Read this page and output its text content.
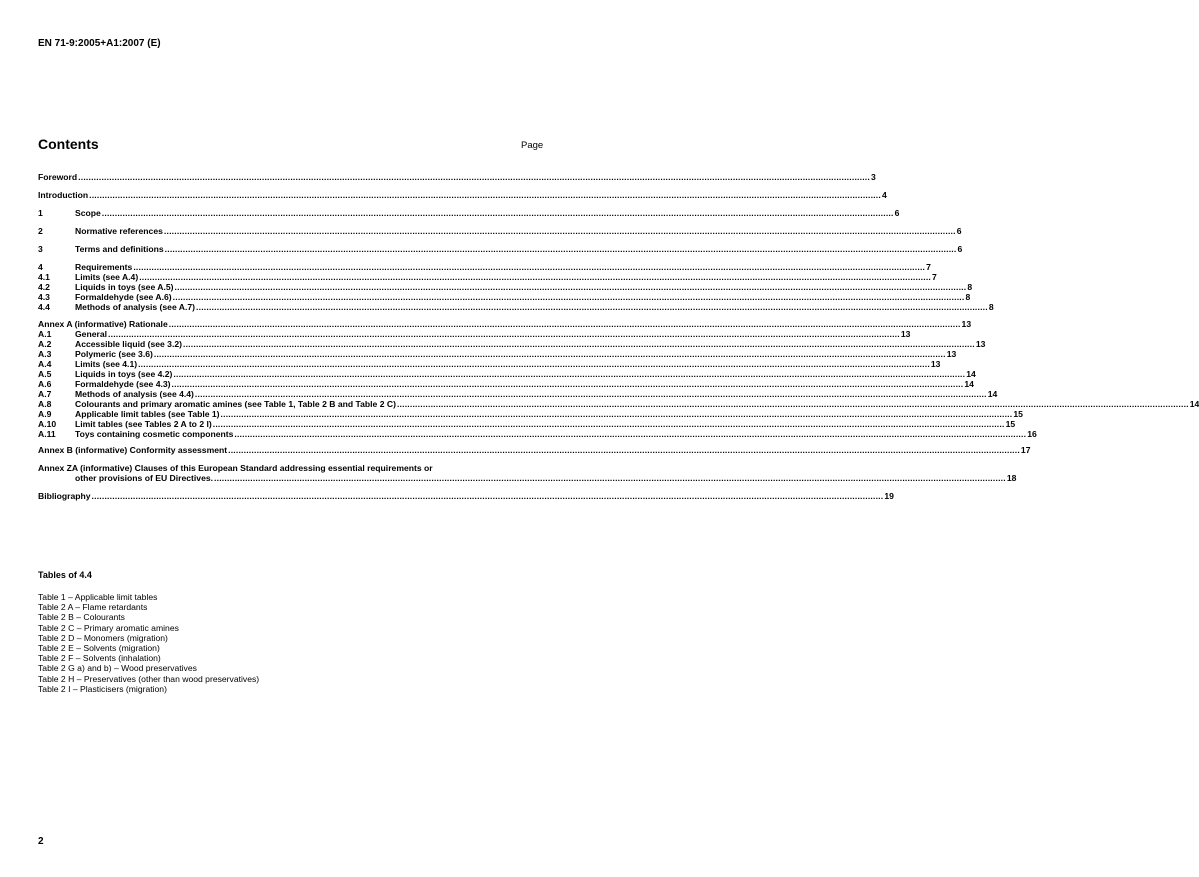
EN 71-9:2005+A1:2007 (E)
Contents	Page
Foreword .....	3
Introduction .....	4
1	Scope .....	6
2	Normative references .....	6
3	Terms and definitions .....	6
4	Requirements .....	7
4.1	Limits (see A.4) .....	7
4.2	Liquids in toys (see A.5) .....	8
4.3	Formaldehyde (see A.6) .....	8
4.4	Methods of analysis (see A.7) .....	8
Annex A (informative) Rationale .....	13
A.1	General .....	13
A.2	Accessible liquid (see 3.2) .....	13
A.3	Polymeric (see 3.6) .....	13
A.4	Limits (see 4.1) .....	13
A.5	Liquids in toys (see 4.2) .....	14
A.6	Formaldehyde (see 4.3) .....	14
A.7	Methods of analysis (see 4.4) .....	14
A.8	Colourants and primary aromatic amines (see Table 1, Table 2 B and Table 2 C) .....	14
A.9	Applicable limit tables (see Table 1) .....	15
A.10	Limit tables (see Tables 2 A to 2 I) .....	15
A.11	Toys containing cosmetic components .....	16
Annex B (informative) Conformity assessment .....	17
Annex ZA (informative) Clauses of this European Standard addressing essential requirements or
other provisions of EU Directives. .....	18
Bibliography .....	19
Tables of 4.4
Table 1 – Applicable limit tables
Table 2 A – Flame retardants
Table 2 B – Colourants
Table 2 C – Primary aromatic amines
Table 2 D – Monomers (migration)
Table 2 E – Solvents (migration)
Table 2 F – Solvents (inhalation)
Table 2 G a) and b) – Wood preservatives
Table 2 H – Preservatives (other than wood preservatives)
Table 2 I – Plasticisers (migration)
2
